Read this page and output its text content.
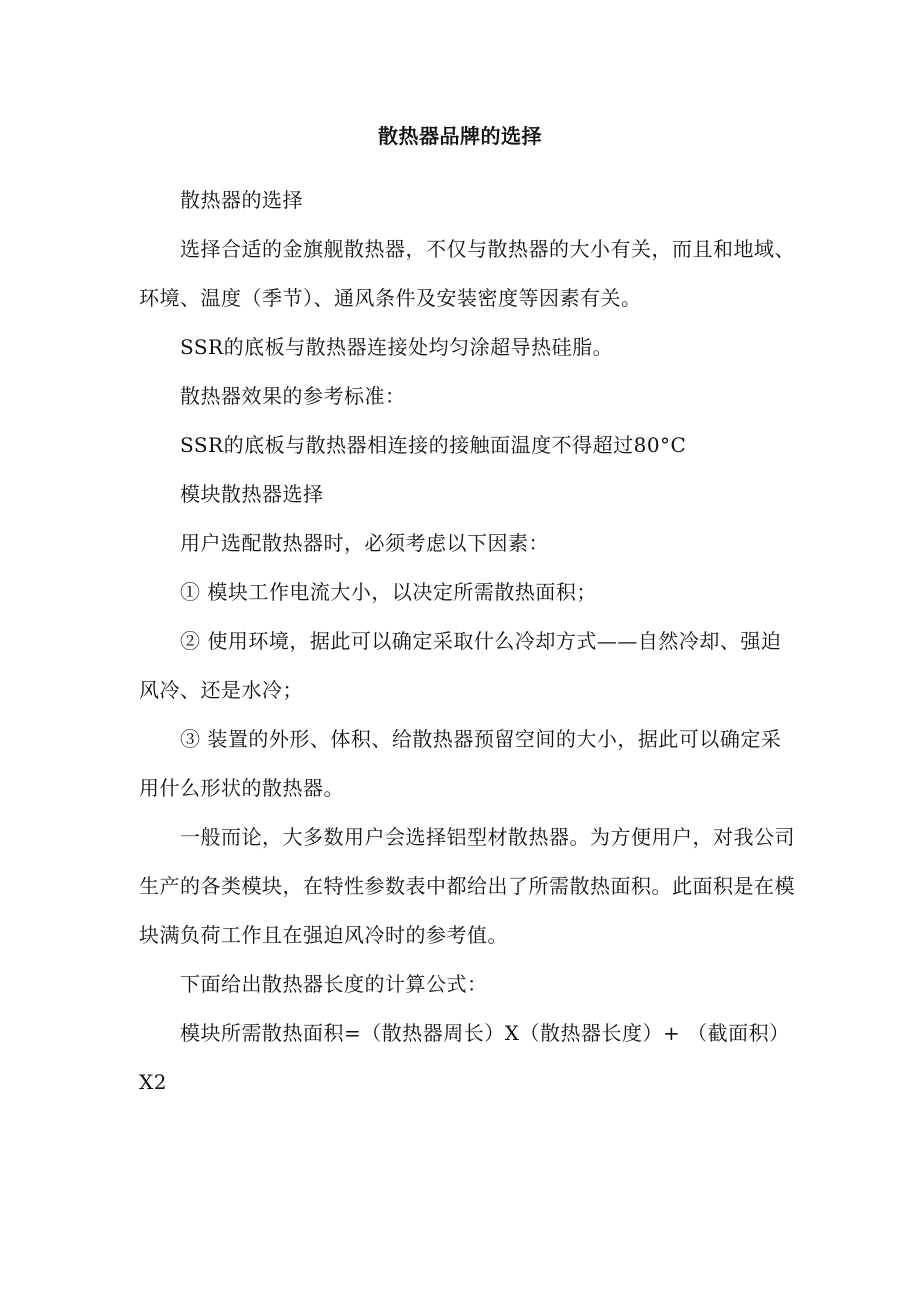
散热器品牌的选择

散热器的选择

选择合适的金旗舰散热器，不仅与散热器的大小有关，而且和地域、环境、温度（季节）、通风条件及安装密度等因素有关。

SSR的底板与散热器连接处均匀涂超导热硅脂。

散热器效果的参考标准：

SSR的底板与散热器相连接的接触面温度不得超过80°C

模块散热器选择

用户选配散热器时，必须考虑以下因素：

① 模块工作电流大小，以决定所需散热面积；

② 使用环境，据此可以确定采取什么冷却方式——自然冷却、强迫风冷、还是水冷；

③ 装置的外形、体积、给散热器预留空间的大小，据此可以确定采用什么形状的散热器。

一般而论，大多数用户会选择铝型材散热器。为方便用户，对我公司生产的各类模块，在特性参数表中都给出了所需散热面积。此面积是在模块满负荷工作且在强迫风冷时的参考值。

下面给出散热器长度的计算公式：

模块所需散热面积=（散热器周长）X（散热器长度）+ （截面积）X2
